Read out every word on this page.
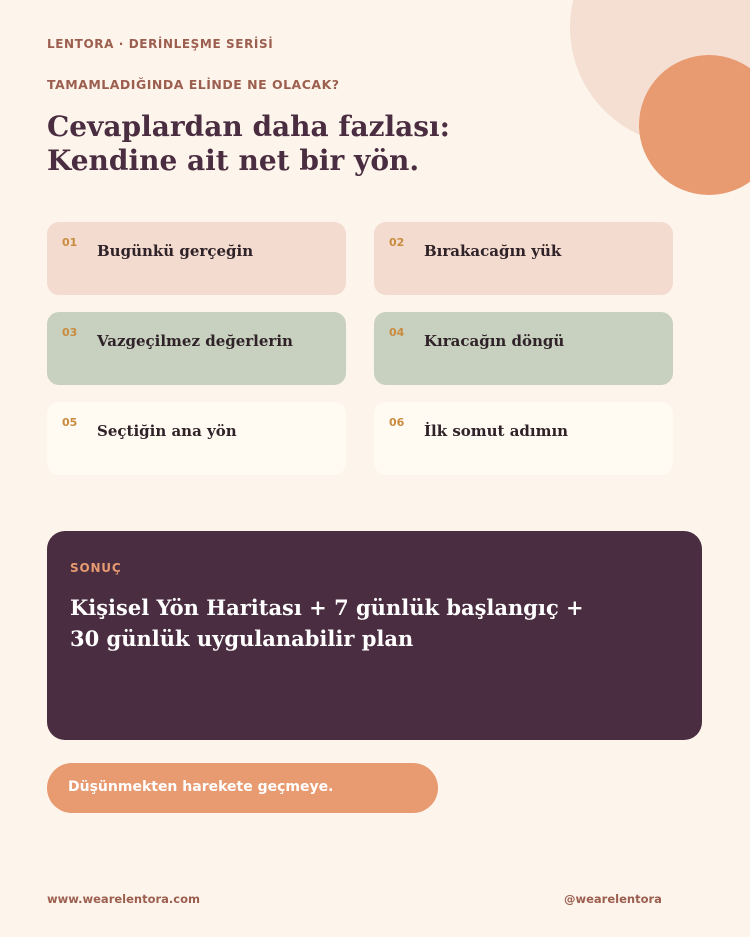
LENTORA · DERİNLEŞME SERİSİ
TAMAMLADIĞINDA ELİNDE NE OLACAK?
Cevaplardan daha fazlası:
Kendine ait net bir yön.
01 Bugünkü gerçeğin	02 Bırakacağın yük
03 Vazgeçilmez değerlerin	04 Kıracağın döngü
05 Seçtiğin ana yön	06 İlk somut adımın
SONUÇ
Kişisel Yön Haritası + 7 günlük başlangıç +
30 günlük uygulanabilir plan
Düşünmekten harekete geçmeye.
www.wearelentora.com	@wearelentora
